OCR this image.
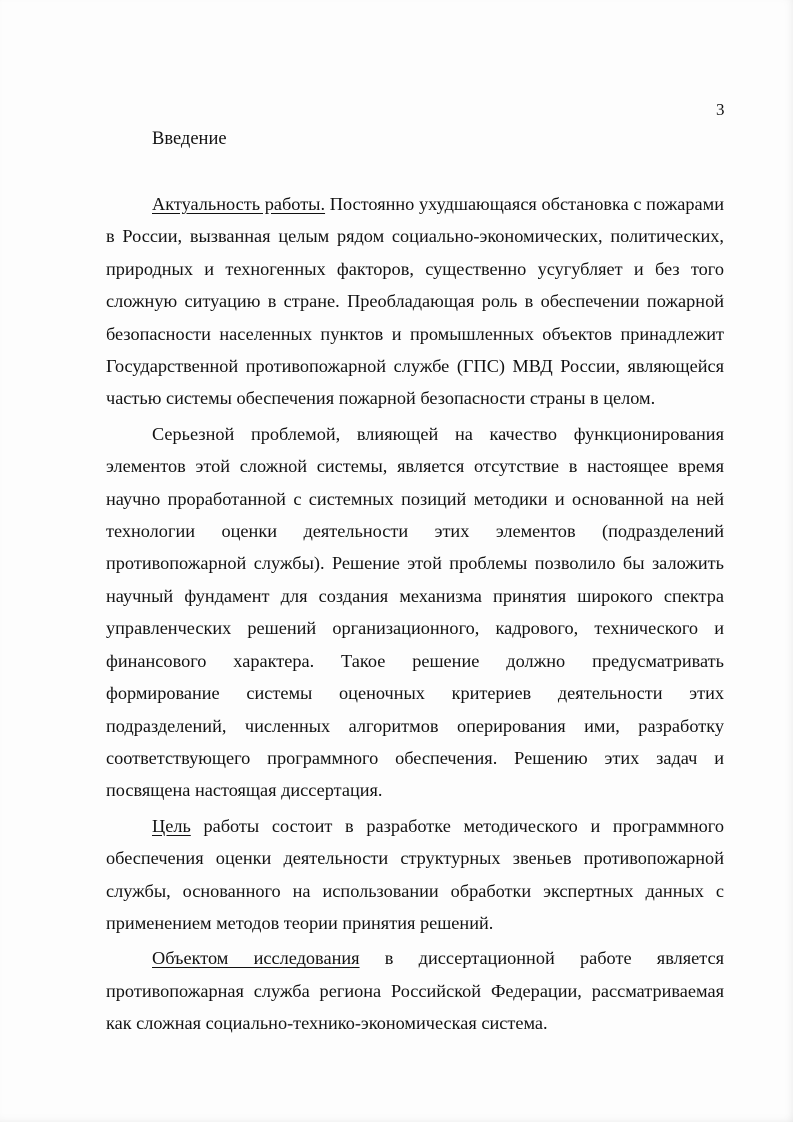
3
Введение

Актуальность работы. Постоянно ухудшающаяся обстановка с пожарами в России, вызванная целым рядом социально-экономических, политических, природных и техногенных факторов, существенно усугубляет и без того сложную ситуацию в стране. Преобладающая роль в обеспечении пожарной безопасности населенных пунктов и промышленных объектов принадлежит Государственной противопожарной службе (ГПС) МВД России, являющейся частью системы обеспечения пожарной безопасности страны в целом.

Серьезной проблемой, влияющей на качество функционирования элементов этой сложной системы, является отсутствие в настоящее время научно проработанной с системных позиций методики и основанной на ней технологии оценки деятельности этих элементов (подразделений противопожарной службы). Решение этой проблемы позволило бы заложить научный фундамент для создания механизма принятия широкого спектра управленческих решений организационного, кадрового, технического и финансового характера. Такое решение должно предусматривать формирование системы оценочных критериев деятельности этих подразделений, численных алгоритмов оперирования ими, разработку соответствующего программного обеспечения. Решению этих задач и посвящена настоящая диссертация.

Цель работы состоит в разработке методического и программного обеспечения оценки деятельности структурных звеньев противопожарной службы, основанного на использовании обработки экспертных данных с применением методов теории принятия решений.

Объектом исследования в диссертационной работе является противопожарная служба региона Российской Федерации, рассматриваемая как сложная социально-технико-экономическая система.
